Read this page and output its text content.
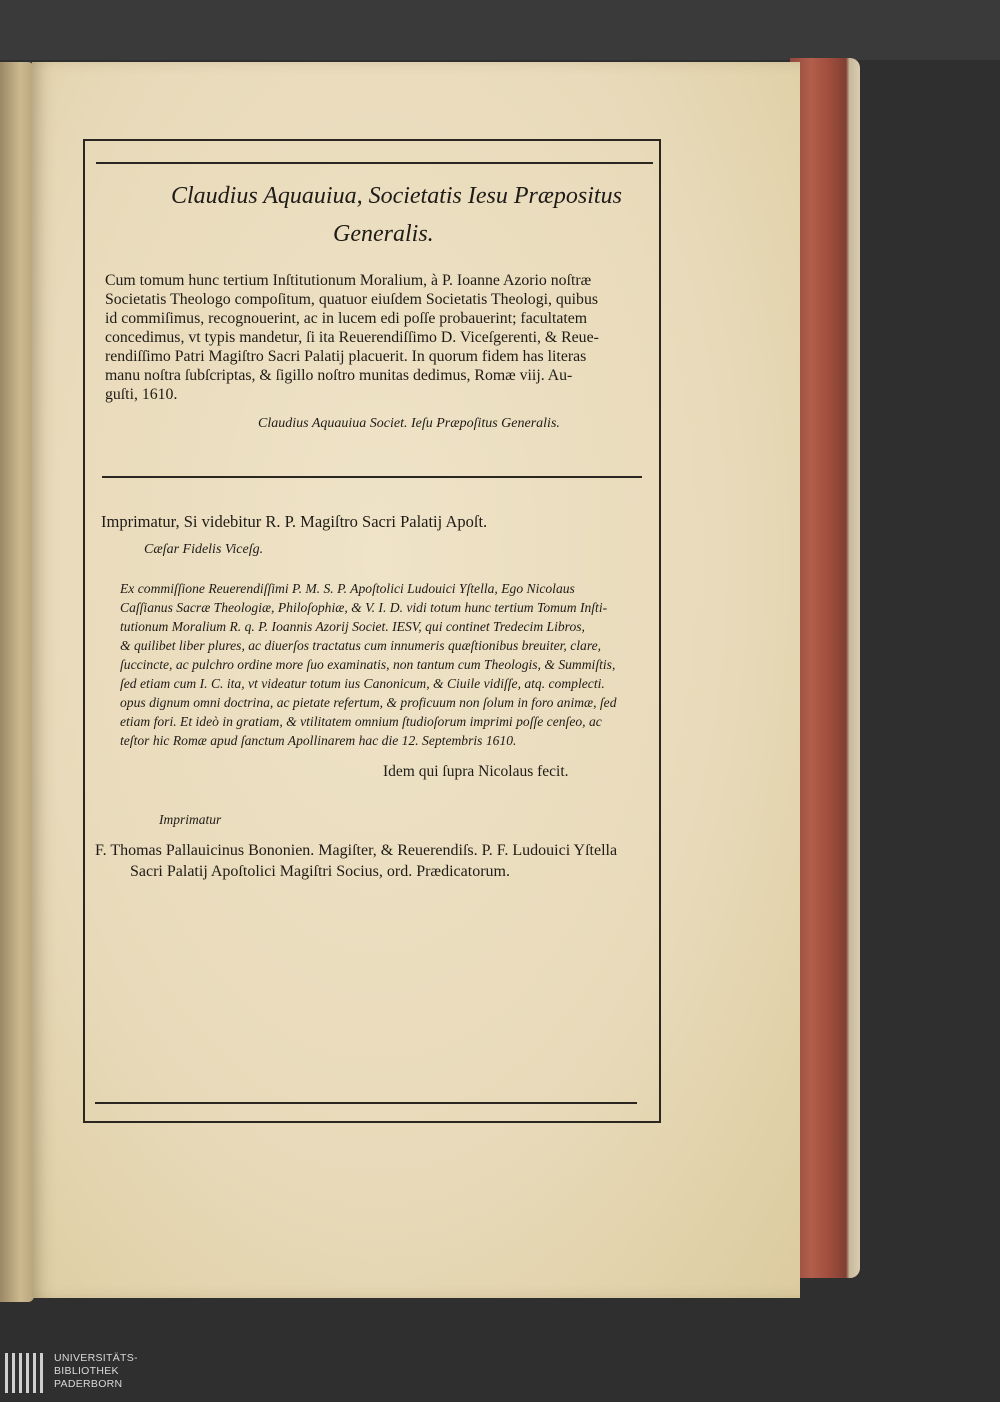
Claudius Aquauiua, Societatis Iesu Præpositus
Generalis.
Cum tomum hunc tertium Inſtitutionum Moralium, à P. Ioanne Azorio noſtræ
Societatis Theologo compoſitum, quatuor eiuſdem Societatis Theologi, quibus
id commiſimus, recognouerint, ac in lucem edi poſſe probauerint; facultatem
concedimus, vt typis mandetur, ſi ita Reuerendiſſimo D. Viceſgerenti, & Reue-
rendiſſimo Patri Magiſtro Sacri Palatij placuerit. In quorum fidem has literas
manu noſtra ſubſcriptas, & ſigillo noſtro munitas dedimus, Romæ viij. Au-
guſti, 1610.
Claudius Aquauiua Societ. Ieſu Præpoſitus Generalis.
Imprimatur, Si videbitur R. P. Magiſtro Sacri Palatij Apoſt.
Cæſar Fidelis Viceſg.
Ex commiſſione Reuerendiſſimi P. M. S. P. Apoſtolici Ludouici Yſtella, Ego Nicolaus
Caſſianus Sacræ Theologiæ, Philoſophiæ, & V. I. D. vidi totum hunc tertium Tomum Inſti-
tutionum Moralium R. q. P. Ioannis Azorij Societ. IESV, qui continet Tredecim Libros,
& quilibet liber plures, ac diuerſos tractatus cum innumeris quæſtionibus breuiter, clare,
ſuccincte, ac pulchro ordine more ſuo examinatis, non tantum cum Theologis, & Summiſtis,
ſed etiam cum I. C. ita, vt videatur totum ius Canonicum, & Ciuile vidiſſe, atq. complecti.
opus dignum omni doctrina, ac pietate refertum, & proficuum non ſolum in foro animæ, ſed
etiam fori. Et ideò in gratiam, & vtilitatem omnium ſtudioſorum imprimi poſſe cenſeo, ac
teſtor hic Romæ apud ſanctum Apollinarem hac die 12. Septembris 1610.
Idem qui ſupra Nicolaus fecit.
Imprimatur
F. Thomas Pallauicinus Bononien. Magiſter, & Reuerendiſs. P. F. Ludouici Yſtella
Sacri Palatij Apoſtolici Magiſtri Socius, ord. Prædicatorum.
UNIVERSITÄTS-
BIBLIOTHEK
PADERBORN
